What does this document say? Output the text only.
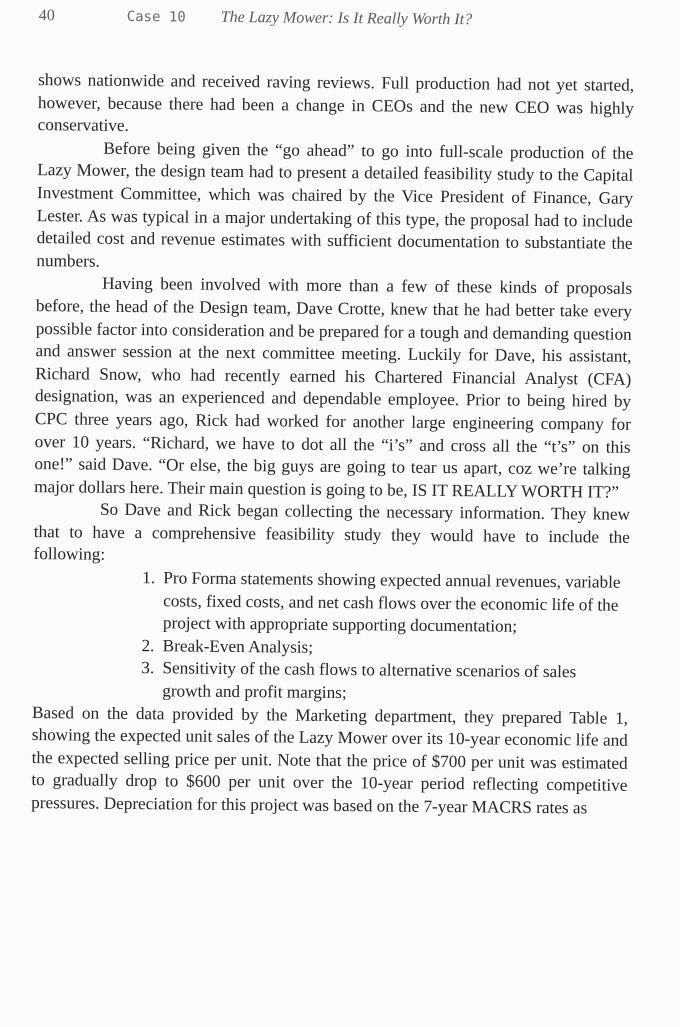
40	Case 10 The Lazy Mower: Is It Really Worth It?

shows nationwide and received raving reviews. Full production had not yet started, however, because there had been a change in CEOs and the new CEO was highly conservative.

Before being given the “go ahead” to go into full-scale production of the Lazy Mower, the design team had to present a detailed feasibility study to the Capital Investment Committee, which was chaired by the Vice President of Finance, Gary Lester. As was typical in a major undertaking of this type, the proposal had to include detailed cost and revenue estimates with sufficient documentation to substantiate the numbers.

Having been involved with more than a few of these kinds of proposals before, the head of the Design team, Dave Crotte, knew that he had better take every possible factor into consideration and be prepared for a tough and demanding question and answer session at the next committee meeting. Luckily for Dave, his assistant, Richard Snow, who had recently earned his Chartered Financial Analyst (CFA) designation, was an experienced and dependable employee. Prior to being hired by CPC three years ago, Rick had worked for another large engineering company for over 10 years. “Richard, we have to dot all the “i’s” and cross all the “t’s” on this one!” said Dave. “Or else, the big guys are going to tear us apart, coz we’re talking major dollars here. Their main question is going to be, IS IT REALLY WORTH IT?”

So Dave and Rick began collecting the necessary information. They knew that to have a comprehensive feasibility study they would have to include the following:

1. Pro Forma statements showing expected annual revenues, variable costs, fixed costs, and net cash flows over the economic life of the project with appropriate supporting documentation;
2. Break-Even Analysis;
3. Sensitivity of the cash flows to alternative scenarios of sales growth and profit margins;

Based on the data provided by the Marketing department, they prepared Table 1, showing the expected unit sales of the Lazy Mower over its 10-year economic life and the expected selling price per unit. Note that the price of $700 per unit was estimated to gradually drop to $600 per unit over the 10-year period reflecting competitive pressures. Depreciation for this project was based on the 7-year MACRS rates as
